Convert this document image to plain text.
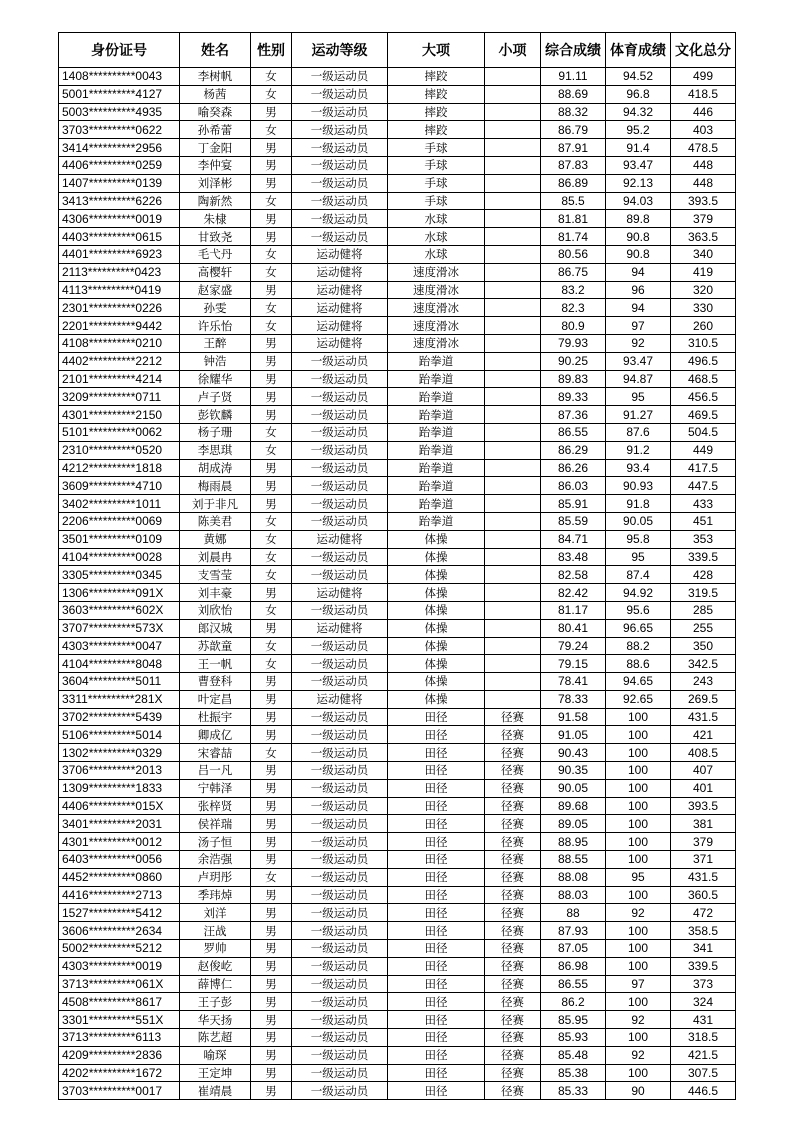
身份证号	姓名	性别	运动等级	大项	小项	综合成绩	体育成绩	文化总分
1408**********0043	李树帆	女	一级运动员	摔跤		91.11	94.52	499
5001**********4127	杨茜	女	一级运动员	摔跤		88.69	96.8	418.5
5003**********4935	喻癸森	男	一级运动员	摔跤		88.32	94.32	446
3703**********0622	孙希蕾	女	一级运动员	摔跤		86.79	95.2	403
3414**********2956	丁金阳	男	一级运动员	手球		87.91	91.4	478.5
4406**********0259	李仲宴	男	一级运动员	手球		87.83	93.47	448
1407**********0139	刘泽彬	男	一级运动员	手球		86.89	92.13	448
3413**********6226	陶新然	女	一级运动员	手球		85.5	94.03	393.5
4306**********0019	朱棣	男	一级运动员	水球		81.81	89.8	379
4403**********0615	甘致尧	男	一级运动员	水球		81.74	90.8	363.5
4401**********6923	毛弋丹	女	运动健将	水球		80.56	90.8	340
2113**********0423	高樱轩	女	运动健将	速度滑冰		86.75	94	419
4113**********0419	赵家盛	男	运动健将	速度滑冰		83.2	96	320
2301**********0226	孙雯	女	运动健将	速度滑冰		82.3	94	330
2201**********9442	许乐怡	女	运动健将	速度滑冰		80.9	97	260
4108**********0210	王醉	男	运动健将	速度滑冰		79.93	92	310.5
4402**********2212	钟浩	男	一级运动员	跆拳道		90.25	93.47	496.5
2101**********4214	徐耀华	男	一级运动员	跆拳道		89.83	94.87	468.5
3209**********0711	卢子贤	男	一级运动员	跆拳道		89.33	95	456.5
4301**********2150	彭钦麟	男	一级运动员	跆拳道		87.36	91.27	469.5
5101**********0062	杨子珊	女	一级运动员	跆拳道		86.55	87.6	504.5
2310**********0520	李思琪	女	一级运动员	跆拳道		86.29	91.2	449
4212**********1818	胡成涛	男	一级运动员	跆拳道		86.26	93.4	417.5
3609**********4710	梅雨晨	男	一级运动员	跆拳道		86.03	90.93	447.5
3402**********1011	刘于非凡	男	一级运动员	跆拳道		85.91	91.8	433
2206**********0069	陈美君	女	一级运动员	跆拳道		85.59	90.05	451
3501**********0109	黄娜	女	运动健将	体操		84.71	95.8	353
4104**********0028	刘晨冉	女	一级运动员	体操		83.48	95	339.5
3305**********0345	支雪莹	女	一级运动员	体操		82.58	87.4	428
1306**********091X	刘丰豪	男	运动健将	体操		82.42	94.92	319.5
3603**********602X	刘欣怡	女	一级运动员	体操		81.17	95.6	285
3707**********573X	郎汉城	男	运动健将	体操		80.41	96.65	255
4303**********0047	苏歆童	女	一级运动员	体操		79.24	88.2	350
4104**********8048	王一帆	女	一级运动员	体操		79.15	88.6	342.5
3604**********5011	曹登科	男	一级运动员	体操		78.41	94.65	243
3311**********281X	叶定昌	男	运动健将	体操		78.33	92.65	269.5
3702**********5439	杜振宇	男	一级运动员	田径	径赛	91.58	100	431.5
5106**********5014	卿成亿	男	一级运动员	田径	径赛	91.05	100	421
1302**********0329	宋睿喆	女	一级运动员	田径	径赛	90.43	100	408.5
3706**********2013	吕一凡	男	一级运动员	田径	径赛	90.35	100	407
1309**********1833	宁韩泽	男	一级运动员	田径	径赛	90.05	100	401
4406**********015X	张梓贤	男	一级运动员	田径	径赛	89.68	100	393.5
3401**********2031	侯祥瑞	男	一级运动员	田径	径赛	89.05	100	381
4301**********0012	汤子恒	男	一级运动员	田径	径赛	88.95	100	379
6403**********0056	余浩强	男	一级运动员	田径	径赛	88.55	100	371
4452**********0860	卢玥彤	女	一级运动员	田径	径赛	88.08	95	431.5
4416**********2713	季玮焯	男	一级运动员	田径	径赛	88.03	100	360.5
1527**********5412	刘洋	男	一级运动员	田径	径赛	88	92	472
3606**********2634	汪战	男	一级运动员	田径	径赛	87.93	100	358.5
5002**********5212	罗帅	男	一级运动员	田径	径赛	87.05	100	341
4303**********0019	赵俊屹	男	一级运动员	田径	径赛	86.98	100	339.5
3713**********061X	薛博仁	男	一级运动员	田径	径赛	86.55	97	373
4508**********8617	王子彭	男	一级运动员	田径	径赛	86.2	100	324
3301**********551X	华天扬	男	一级运动员	田径	径赛	85.95	92	431
3713**********6113	陈艺超	男	一级运动员	田径	径赛	85.93	100	318.5
4209**********2836	喻琛	男	一级运动员	田径	径赛	85.48	92	421.5
4202**********1672	王定坤	男	一级运动员	田径	径赛	85.38	100	307.5
3703**********0017	崔靖晨	男	一级运动员	田径	径赛	85.33	90	446.5
